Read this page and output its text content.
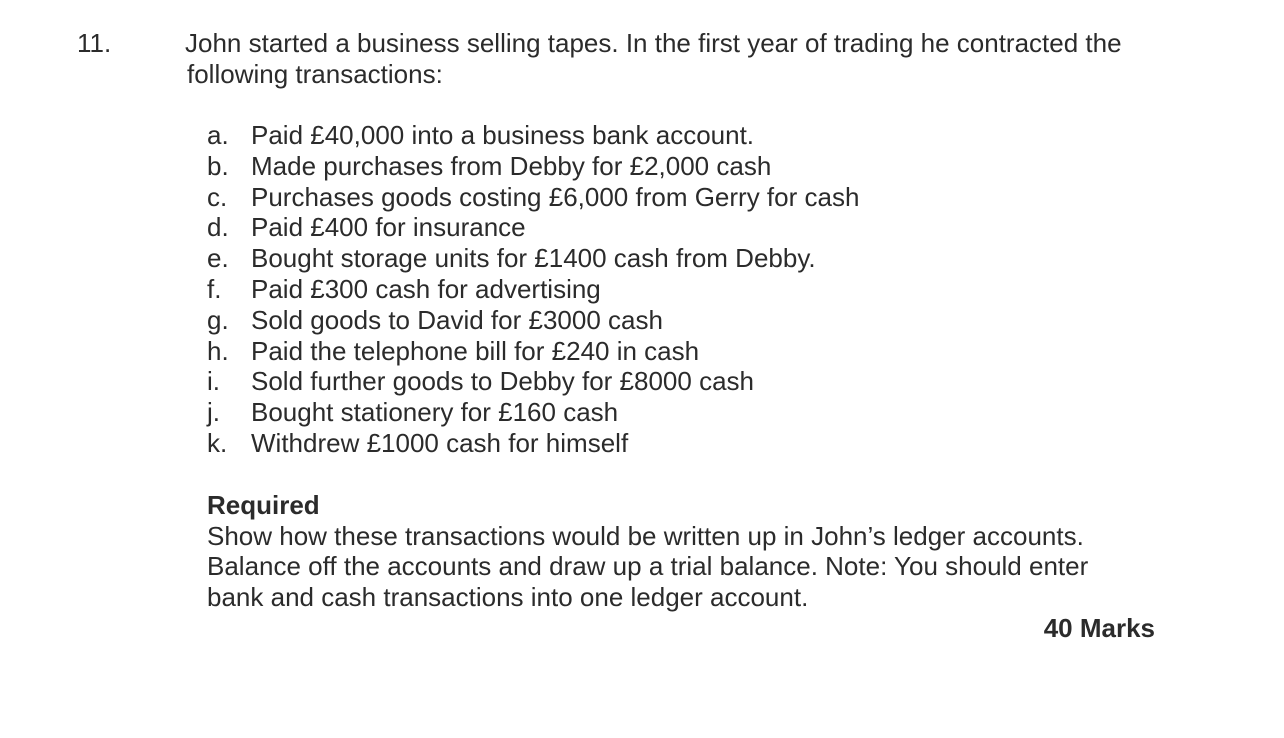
11.	John started a business selling tapes. In the first year of trading he contracted the
following transactions:
a. Paid £40,000 into a business bank account.
b. Made purchases from Debby for £2,000 cash
c. Purchases goods costing £6,000 from Gerry for cash
d. Paid £400 for insurance
e. Bought storage units for £1400 cash from Debby.
f.	Paid £300 cash for advertising
g. Sold goods to David for £3000 cash
h. Paid the telephone bill for £240 in cash
i.	Sold further goods to Debby for £8000 cash
j.	Bought stationery for £160 cash
k. Withdrew £1000 cash for himself
Required
Show how these transactions would be written up in John’s ledger accounts.
Balance off the accounts and draw up a trial balance. Note: You should enter
bank and cash transactions into one ledger account.
40 Marks
